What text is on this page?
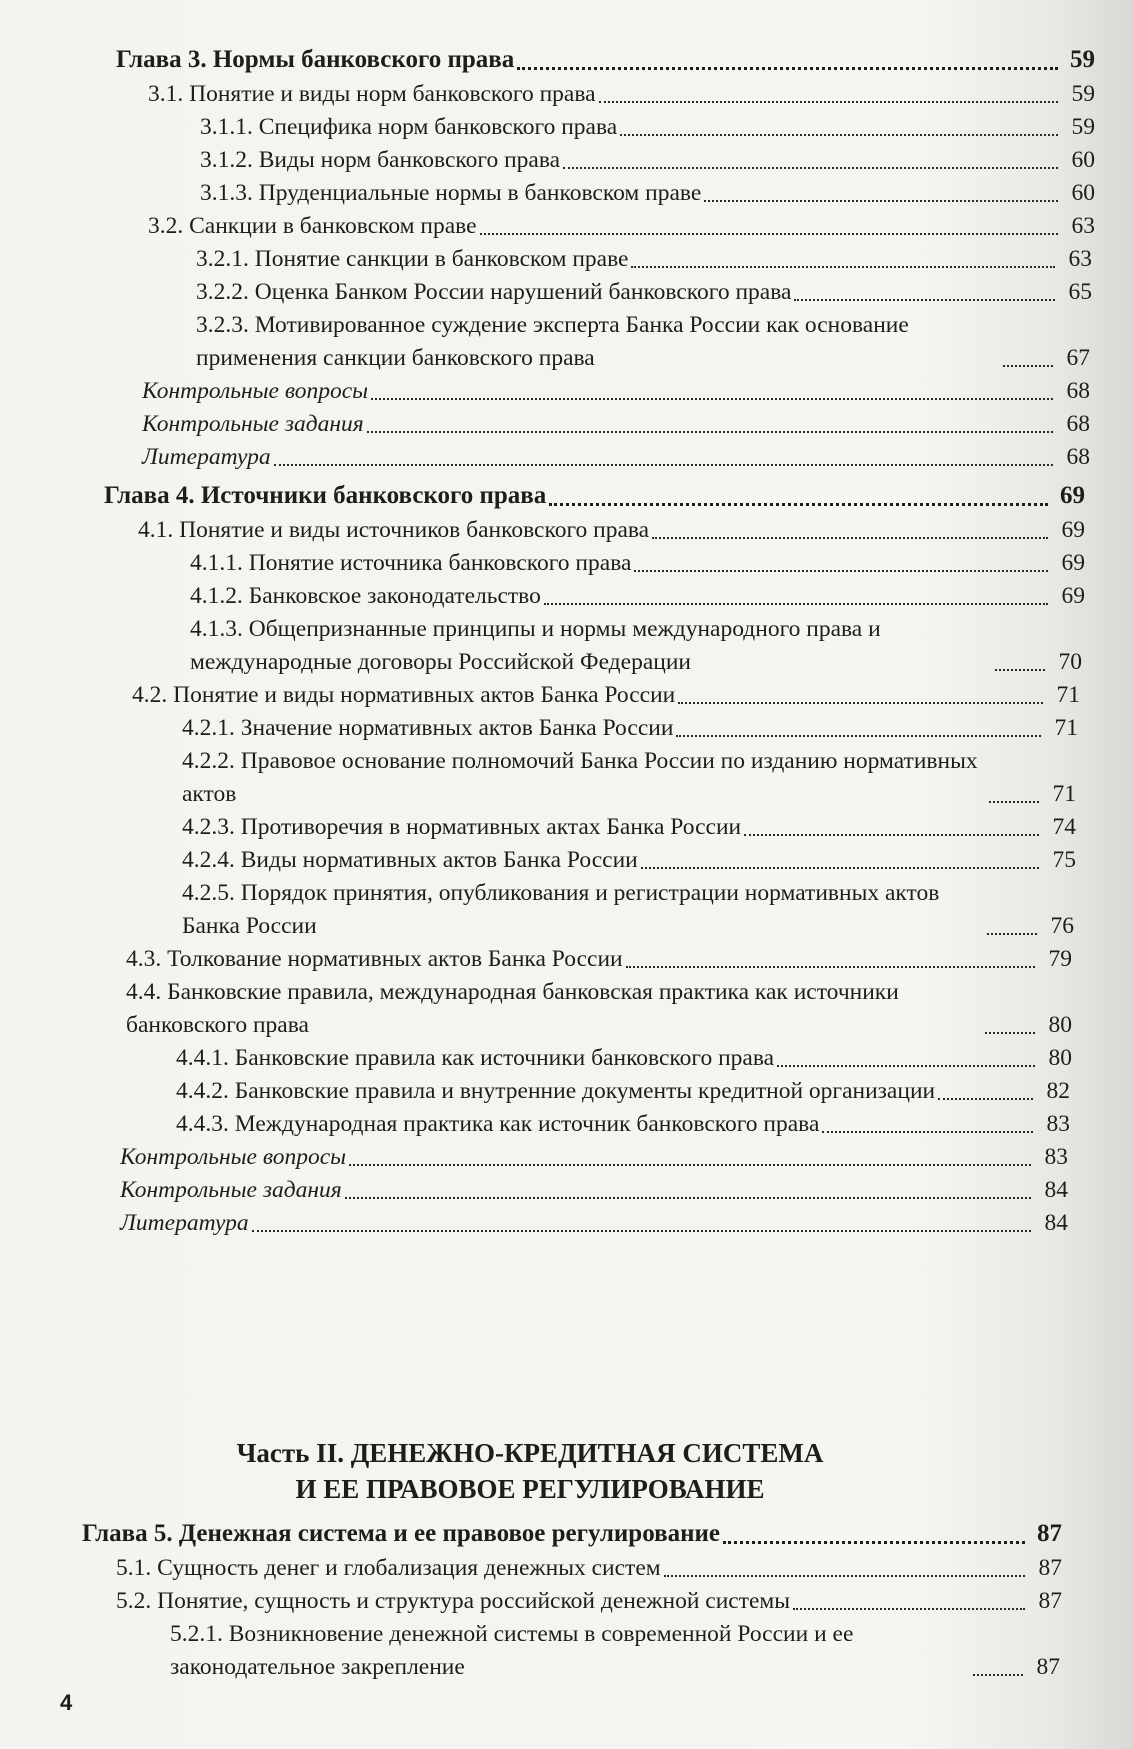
Глава 3. Нормы банковского права	59
3.1. Понятие и виды норм банковского права	59
3.1.1. Специфика норм банковского права	59
3.1.2. Виды норм банковского права	60
3.1.3. Пруденциальные нормы в банковском праве	60
3.2. Санкции в банковском праве	63
3.2.1. Понятие санкции в банковском праве	63
3.2.2. Оценка Банком России нарушений банковского права	65
3.2.3. Мотивированное суждение эксперта Банка России как основание применения санкции банковского права	67
Контрольные вопросы	68
Контрольные задания	68
Литература	68
Глава 4. Источники банковского права	69
4.1. Понятие и виды источников банковского права	69
4.1.1. Понятие источника банковского права	69
4.1.2. Банковское законодательство	69
4.1.3. Общепризнанные принципы и нормы международного права и международные договоры Российской Федерации	70
4.2. Понятие и виды нормативных актов Банка России	71
4.2.1. Значение нормативных актов Банка России	71
4.2.2. Правовое основание полномочий Банка России по изданию нормативных актов	71
4.2.3. Противоречия в нормативных актах Банка России	74
4.2.4. Виды нормативных актов Банка России	75
4.2.5. Порядок принятия, опубликования и регистрации нормативных актов Банка России	76
4.3. Толкование нормативных актов Банка России	79
4.4. Банковские правила, международная банковская практика как источники банковского права	80
4.4.1. Банковские правила как источники банковского права	80
4.4.2. Банковские правила и внутренние документы кредитной организации	82
4.4.3. Международная практика как источник банковского права	83
Контрольные вопросы	83
Контрольные задания	84
Литература	84
Часть II. ДЕНЕЖНО-КРЕДИТНАЯ СИСТЕМА
И ЕЕ ПРАВОВОЕ РЕГУЛИРОВАНИЕ
Глава 5. Денежная система и ее правовое регулирование	87
5.1. Сущность денег и глобализация денежных систем	87
5.2. Понятие, сущность и структура российской денежной системы	87
5.2.1. Возникновение денежной системы в современной России и ее законодательное закрепление	87
4
